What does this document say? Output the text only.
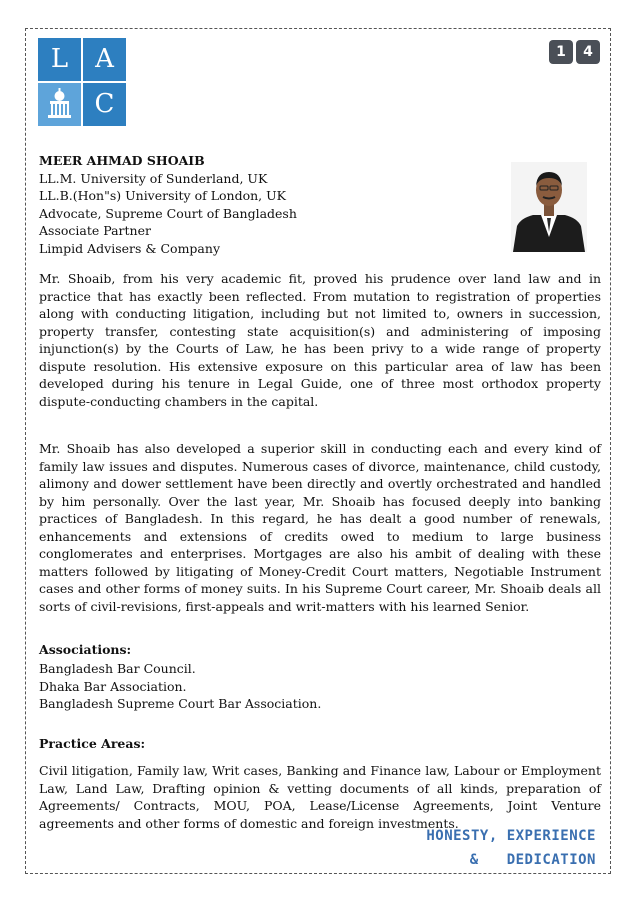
L	A
C
1	4
MEER AHMAD SHOAIB
LL.M. University of Sunderland, UK
LL.B.(Hon"s) University of London, UK
Advocate, Supreme Court of Bangladesh
Associate Partner
Limpid Advisers & Company
Mr. Shoaib, from his very academic fit, proved his prudence over land law and in practice that has exactly been reflected. From mutation to registration of properties along with conducting litigation, including but not limited to, owners in succession, property transfer, contesting state acquisition(s) and administering of imposing injunction(s) by the Courts of Law, he has been privy to a wide range of property dispute resolution. His extensive exposure on this particular area of law has been developed during his tenure in Legal Guide, one of three most orthodox property dispute-conducting chambers in the capital.
Mr. Shoaib has also developed a superior skill in conducting each and every kind of family law issues and disputes. Numerous cases of divorce, maintenance, child custody, alimony and dower settlement have been directly and overtly orchestrated and handled by him personally. Over the last year, Mr. Shoaib has focused deeply into banking practices of Bangladesh. In this regard, he has dealt a good number of renewals, enhancements and extensions of credits owed to medium to large business conglomerates and enterprises. Mortgages are also his ambit of dealing with these matters followed by litigating of Money-Credit Court matters, Negotiable Instrument cases and other forms of money suits. In his Supreme Court career, Mr. Shoaib deals all sorts of civil-revisions, first-appeals and writ-matters with his learned Senior.
Associations:
Bangladesh Bar Council.
Dhaka Bar Association.
Bangladesh Supreme Court Bar Association.
Practice Areas:
Civil litigation, Family law, Writ cases, Banking and Finance law, Labour or Employment Law, Land Law, Drafting opinion & vetting documents of all kinds, preparation of Agreements/ Contracts, MOU, POA, Lease/License Agreements, Joint Venture agreements and other forms of domestic and foreign investments.
HONESTY, EXPERIENCE
& DEDICATION
